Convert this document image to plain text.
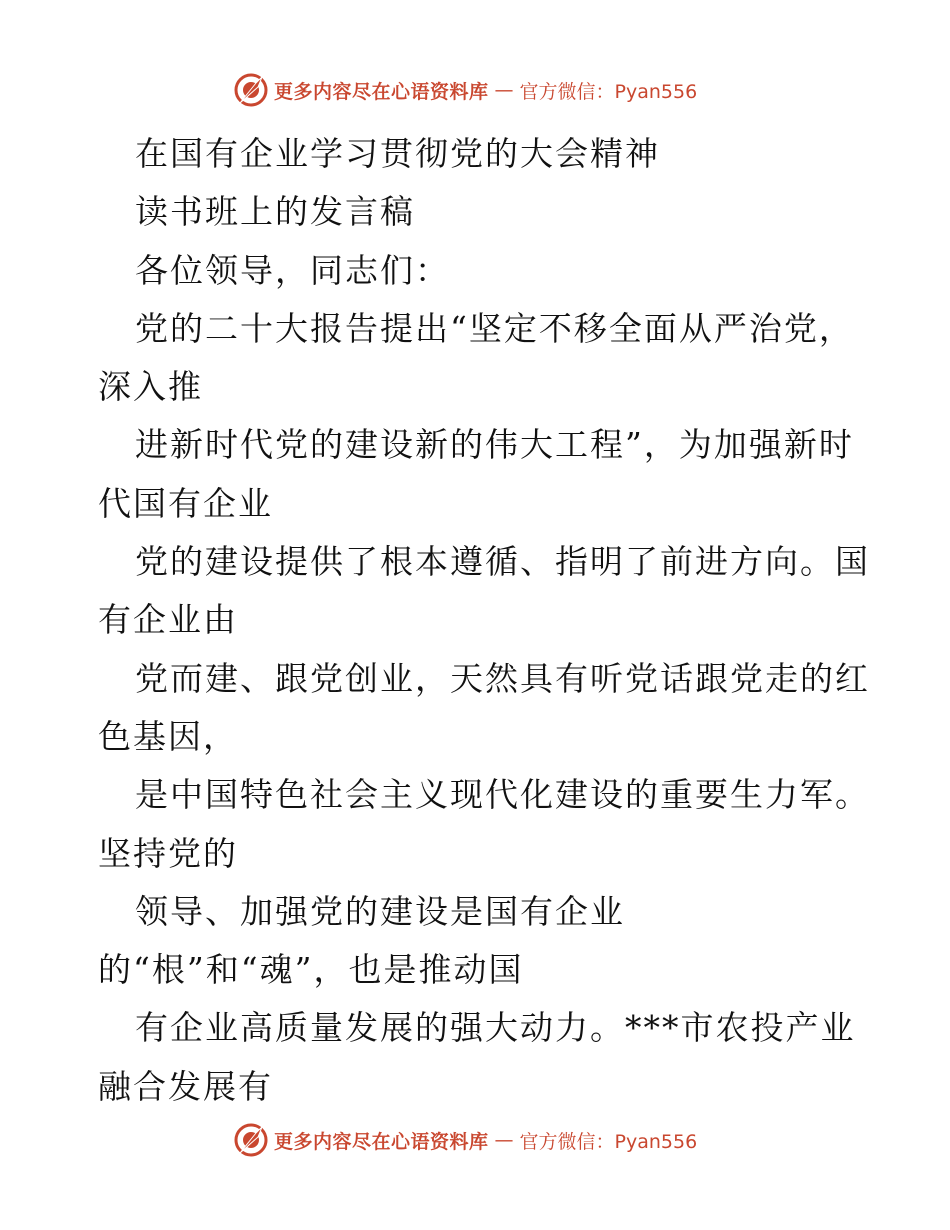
更多内容尽在心语资料库 — 官方微信：Pyan556
在国有企业学习贯彻党的大会精神
读书班上的发言稿
各位领导，同志们：
党的二十大报告提出“坚定不移全面从严治党，
深入推
进新时代党的建设新的伟大工程”，为加强新时
代国有企业
党的建设提供了根本遵循、指明了前进方向。国
有企业由
党而建、跟党创业，天然具有听党话跟党走的红
色基因，
是中国特色社会主义现代化建设的重要生力军。
坚持党的
领导、加强党的建设是国有企业
的“根”和“魂”，也是推动国
有企业高质量发展的强大动力。***市农投产业
融合发展有
更多内容尽在心语资料库 — 官方微信：Pyan556
